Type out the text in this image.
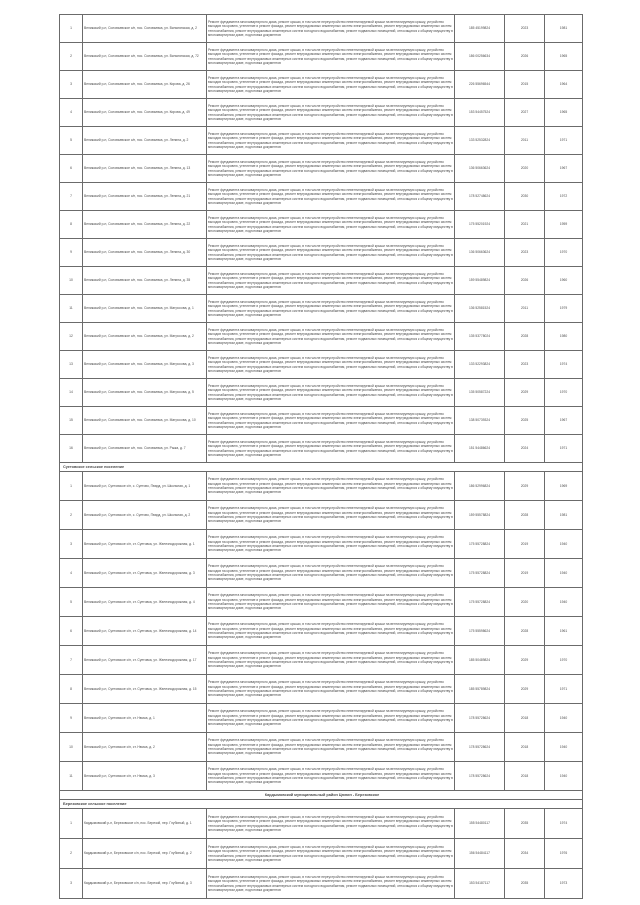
1	Велижский р-н, Соловьевское с/п, пос. Соловьевка, ул. Вильнянская, д. 2	Ремонт фундамента многоквартирного дома, ремонт крыши, в том числе переустройство невентилируемой крыши на вентилируемую крышу, устройство выходов на кровлю, утепление и ремонт фасада, ремонт внутридомовых инженерных систем электроснабжения, ремонт внутридомовых инженерных систем теплоснабжения, ремонт внутридомовых инженерных систем холодного водоснабжения, ремонт подвальных помещений, относящихся к общему имуществу в многоквартирном доме, подготовка документов	185 45199824	2023	1981
2	Велижский р-н, Соловьевское с/п, пос. Соловьевка, ул. Вильнянская, д. 72	Ремонт фундамента многоквартирного дома, ремонт крыши, в том числе переустройство невентилируемой крыши на вентилируемую крышу, устройство выходов на кровлю, утепление и ремонт фасада, ремонт внутридомовых инженерных систем электроснабжения, ремонт внутридомовых инженерных систем теплоснабжения, ремонт внутридомовых инженерных систем холодного водоснабжения, ремонт подвальных помещений, относящихся к общему имуществу в многоквартирном доме, подготовка документов	186 00256634	2026	1965
3	Велижский р-н, Соловьевское с/п, пос. Соловьевка, ул. Кирова, д. 26	Ремонт фундамента многоквартирного дома, ремонт крыши, в том числе переустройство невентилируемой крыши на вентилируемую крышу, устройство выходов на кровлю, утепление и ремонт фасада, ремонт внутридомовых инженерных систем электроснабжения, ремонт внутридомовых инженерных систем теплоснабжения, ремонт внутридомовых инженерных систем холодного водоснабжения, ремонт подвальных помещений, относящихся к общему имуществу в многоквартирном доме, подготовка документов	226 55696544	2015	1964
4	Велижский р-н, Соловьевское с/п, пос. Соловьевка, ул. Кирова, д. 49	Ремонт фундамента многоквартирного дома, ремонт крыши, в том числе переустройство невентилируемой крыши на вентилируемую крышу, устройство выходов на кровлю, утепление и ремонт фасада, ремонт внутридомовых инженерных систем электроснабжения, ремонт внутридомовых инженерных систем теплоснабжения, ремонт внутридомовых инженерных систем холодного водоснабжения, ремонт подвальных помещений, относящихся к общему имуществу в многоквартирном доме, подготовка документов	153 54457524	2027	1965
5	Велижский р-н, Соловьевское с/п, пос. Соловьевка, ул. Ленина, д. 2	Ремонт фундамента многоквартирного дома, ремонт крыши, в том числе переустройство невентилируемой крыши на вентилируемую крышу, устройство выходов на кровлю, утепление и ремонт фасада, ремонт внутридомовых инженерных систем электроснабжения, ремонт внутридомовых инженерных систем теплоснабжения, ремонт внутридомовых инженерных систем холодного водоснабжения, ремонт подвальных помещений, относящихся к общему имуществу в многоквартирном доме, подготовка документов	133 52532824	2011	1971
6	Велижский р-н, Соловьевское с/п, пос. Соловьевка, ул. Ленина, д. 13	Ремонт фундамента многоквартирного дома, ремонт крыши, в том числе переустройство невентилируемой крыши на вентилируемую крышу, устройство выходов на кровлю, утепление и ремонт фасада, ремонт внутридомовых инженерных систем электроснабжения, ремонт внутридомовых инженерных систем теплоснабжения, ремонт внутридомовых инженерных систем холодного водоснабжения, ремонт подвальных помещений, относящихся к общему имуществу в многоквартирном доме, подготовка документов	136 50663624	2020	1967
7	Велижский р-н, Соловьевское с/п, пос. Соловьевка, ул. Ленина, д. 21	Ремонт фундамента многоквартирного дома, ремонт крыши, в том числе переустройство невентилируемой крыши на вентилируемую крышу, устройство выходов на кровлю, утепление и ремонт фасада, ремонт внутридомовых инженерных систем электроснабжения, ремонт внутридомовых инженерных систем теплоснабжения, ремонт внутридомовых инженерных систем холодного водоснабжения, ремонт подвальных помещений, относящихся к общему имуществу в многоквартирном доме, подготовка документов	178 52748624	2030	1972
8	Велижский р-н, Соловьевское с/п, пос. Соловьевка, ул. Ленина, д. 22	Ремонт фундамента многоквартирного дома, ремонт крыши, в том числе переустройство невентилируемой крыши на вентилируемую крышу, устройство выходов на кровлю, утепление и ремонт фасада, ремонт внутридомовых инженерных систем электроснабжения, ремонт внутридомовых инженерных систем теплоснабжения, ремонт внутридомовых инженерных систем холодного водоснабжения, ремонт подвальных помещений, относящихся к общему имуществу в многоквартирном доме, подготовка документов	175 55201924	2021	1959
9	Велижский р-н, Соловьевское с/п, пос. Соловьевка, ул. Ленина, д. 30	Ремонт фундамента многоквартирного дома, ремонт крыши, в том числе переустройство невентилируемой крыши на вентилируемую крышу, устройство выходов на кровлю, утепление и ремонт фасада, ремонт внутридомовых инженерных систем электроснабжения, ремонт внутридомовых инженерных систем теплоснабжения, ремонт внутридомовых инженерных систем холодного водоснабжения, ремонт подвальных помещений, относящихся к общему имуществу в многоквартирном доме, подготовка документов	136 50663624	2023	1970
10	Велижский р-н, Соловьевское с/п, пос. Соловьевка, ул. Ленина, д. 35	Ремонт фундамента многоквартирного дома, ремонт крыши, в том числе переустройство невентилируемой крыши на вентилируемую крышу, устройство выходов на кровлю, утепление и ремонт фасада, ремонт внутридомовых инженерных систем электроснабжения, ремонт внутридомовых инженерных систем теплоснабжения, ремонт внутридомовых инженерных систем холодного водоснабжения, ремонт подвальных помещений, относящихся к общему имуществу в многоквартирном доме, подготовка документов	159 55489824	2026	1960
11	Велижский р-н, Соловьевское с/п, пос. Соловьевка, ул. Матросова, д. 1	Ремонт фундамента многоквартирного дома, ремонт крыши, в том числе переустройство невентилируемой крыши на вентилируемую крышу, устройство выходов на кровлю, утепление и ремонт фасада, ремонт внутридомовых инженерных систем электроснабжения, ремонт внутридомовых инженерных систем теплоснабжения, ремонт внутридомовых инженерных систем холодного водоснабжения, ремонт подвальных помещений, относящихся к общему имуществу в многоквартирном доме, подготовка документов	136 52581524	2011	1979
12	Велижский р-н, Соловьевское с/п, пос. Соловьевка, ул. Матросова, д. 2	Ремонт фундамента многоквартирного дома, ремонт крыши, в том числе переустройство невентилируемой крыши на вентилируемую крышу, устройство выходов на кровлю, утепление и ремонт фасада, ремонт внутридомовых инженерных систем электроснабжения, ремонт внутридомовых инженерных систем теплоснабжения, ремонт внутридомовых инженерных систем холодного водоснабжения, ремонт подвальных помещений, относящихся к общему имуществу в многоквартирном доме, подготовка документов	135 53778024	2028	1980
13	Велижский р-н, Соловьевское с/п, пос. Соловьевка, ул. Матросова, д. 3	Ремонт фундамента многоквартирного дома, ремонт крыши, в том числе переустройство невентилируемой крыши на вентилируемую крышу, устройство выходов на кровлю, утепление и ремонт фасада, ремонт внутридомовых инженерных систем электроснабжения, ремонт внутридомовых инженерных систем теплоснабжения, ремонт внутридомовых инженерных систем холодного водоснабжения, ремонт подвальных помещений, относящихся к общему имуществу в многоквартирном доме, подготовка документов	133 52293824	2023	1974
14	Велижский р-н, Соловьевское с/п, пос. Соловьевка, ул. Матросова, д. 5	Ремонт фундамента многоквартирного дома, ремонт крыши, в том числе переустройство невентилируемой крыши на вентилируемую крышу, устройство выходов на кровлю, утепление и ремонт фасада, ремонт внутридомовых инженерных систем электроснабжения, ремонт внутридомовых инженерных систем теплоснабжения, ремонт внутридомовых инженерных систем холодного водоснабжения, ремонт подвальных помещений, относящихся к общему имуществу в многоквартирном доме, подготовка документов	135 50587224	2029	1970
15	Велижский р-н, Соловьевское с/п, пос. Соловьевка, ул. Матросова, д. 10	Ремонт фундамента многоквартирного дома, ремонт крыши, в том числе переустройство невентилируемой крыши на вентилируемую крышу, устройство выходов на кровлю, утепление и ремонт фасада, ремонт внутридомовых инженерных систем электроснабжения, ремонт внутридомовых инженерных систем теплоснабжения, ремонт внутридомовых инженерных систем холодного водоснабжения, ремонт подвальных помещений, относящихся к общему имуществу в многоквартирном доме, подготовка документов	138 50739324	2025	1967
16	Велижский р-н, Соловьевское с/п, пос. Соловьевка, ул. Рыжа, д. 7	Ремонт фундамента многоквартирного дома, ремонт крыши, в том числе переустройство невентилируемой крыши на вентилируемую крышу, устройство выходов на кровлю, утепление и ремонт фасада, ремонт внутридомовых инженерных систем электроснабжения, ремонт внутридомовых инженерных систем теплоснабжения, ремонт внутридомовых инженерных систем холодного водоснабжения, ремонт подвальных помещений, относящихся к общему имуществу в многоквартирном доме, подготовка документов	151 54486624	2024	1971
Суетовское сельское поселение					
1	Велижский р-н, Суетовское с/п, с. Суетово, Пвард, ул. Школьная, д. 1	Ремонт фундамента многоквартирного дома, ремонт крыши, в том числе переустройство невентилируемой крыши на вентилируемую крышу, устройство выходов на кровлю, утепление и ремонт фасада, ремонт внутридомовых инженерных систем электроснабжения, ремонт внутридомовых инженерных систем теплоснабжения, ремонт внутридомовых инженерных систем холодного водоснабжения, ремонт подвальных помещений, относящихся к общему имуществу в многоквартирном доме, подготовка документов	186 52996824	2029	1969
2	Велижский р-н, Суетовское с/п, с. Суетово, Пвард, ул. Школьная, д. 2	Ремонт фундамента многоквартирного дома, ремонт крыши, в том числе переустройство невентилируемой крыши на вентилируемую крышу, устройство выходов на кровлю, утепление и ремонт фасада, ремонт внутридомовых инженерных систем электроснабжения, ремонт внутридомовых инженерных систем теплоснабжения, ремонт внутридомовых инженерных систем холодного водоснабжения, ремонт подвальных помещений, относящихся к общему имуществу в многоквартирном доме, подготовка документов	159 55578824	2028	1981
3	Велижский р-н, Суетовское с/п, ст. Суетовка, ул. Железнодорожная, д. 1	Ремонт фундамента многоквартирного дома, ремонт крыши, в том числе переустройство невентилируемой крыши на вентилируемую крышу, устройство выходов на кровлю, утепление и ремонт фасада, ремонт внутридомовых инженерных систем электроснабжения, ремонт внутридомовых инженерных систем теплоснабжения, ремонт внутридомовых инженерных систем холодного водоснабжения, ремонт подвальных помещений, относящихся к общему имуществу в многоквартирном доме, подготовка документов	175 55728824	2019	1940
4	Велижский р-н, Суетовское с/п, ст. Суетовка, ул. Железнодорожная, д. 3	Ремонт фундамента многоквартирного дома, ремонт крыши, в том числе переустройство невентилируемой крыши на вентилируемую крышу, устройство выходов на кровлю, утепление и ремонт фасада, ремонт внутридомовых инженерных систем электроснабжения, ремонт внутридомовых инженерных систем теплоснабжения, ремонт внутридомовых инженерных систем холодного водоснабжения, ремонт подвальных помещений, относящихся к общему имуществу в многоквартирном доме, подготовка документов	175 55728824	2019	1940
5	Велижский р-н, Суетовское с/п, ст. Суетовка, ул. Железнодорожная, д. 4	Ремонт фундамента многоквартирного дома, ремонт крыши, в том числе переустройство невентилируемой крыши на вентилируемую крышу, устройство выходов на кровлю, утепление и ремонт фасада, ремонт внутридомовых инженерных систем электроснабжения, ремонт внутридомовых инженерных систем теплоснабжения, ремонт внутридомовых инженерных систем холодного водоснабжения, ремонт подвальных помещений, относящихся к общему имуществу в многоквартирном доме, подготовка документов	175 55728824	2020	1940
6	Велижский р-н, Суетовское с/п, ст. Суетовка, ул. Железнодорожная, д. 14	Ремонт фундамента многоквартирного дома, ремонт крыши, в том числе переустройство невентилируемой крыши на вентилируемую крышу, устройство выходов на кровлю, утепление и ремонт фасада, ремонт внутридомовых инженерных систем электроснабжения, ремонт внутридомовых инженерных систем теплоснабжения, ремонт внутридомовых инженерных систем холодного водоснабжения, ремонт подвальных помещений, относящихся к общему имуществу в многоквартирном доме, подготовка документов	175 55598624	2028	1961
7	Велижский р-н, Суетовское с/п, ст. Суетовка, ул. Железнодорожная, д. 17	Ремонт фундамента многоквартирного дома, ремонт крыши, в том числе переустройство невентилируемой крыши на вентилируемую крышу, устройство выходов на кровлю, утепление и ремонт фасада, ремонт внутридомовых инженерных систем электроснабжения, ремонт внутридомовых инженерных систем теплоснабжения, ремонт внутридомовых инженерных систем холодного водоснабжения, ремонт подвальных помещений, относящихся к общему имуществу в многоквартирном доме, подготовка документов	185 50489824	2029	1970
8	Велижский р-н, Суетовское с/п, ст. Суетовка, ул. Железнодорожная, д. 15	Ремонт фундамента многоквартирного дома, ремонт крыши, в том числе переустройство невентилируемой крыши на вентилируемую крышу, устройство выходов на кровлю, утепление и ремонт фасада, ремонт внутридомовых инженерных систем электроснабжения, ремонт внутридомовых инженерных систем теплоснабжения, ремонт внутридомовых инженерных систем холодного водоснабжения, ремонт подвальных помещений, относящихся к общему имуществу в многоквартирном доме, подготовка документов	185 55789824	2029	1971
9	Велижский р-н, Суетовское с/п, ст. Нюика, д. 1	Ремонт фундамента многоквартирного дома, ремонт крыши, в том числе переустройство невентилируемой крыши на вентилируемую крышу, устройство выходов на кровлю, утепление и ремонт фасада, ремонт внутридомовых инженерных систем электроснабжения, ремонт внутридомовых инженерных систем теплоснабжения, ремонт внутридомовых инженерных систем холодного водоснабжения, ремонт подвальных помещений, относящихся к общему имуществу в многоквартирном доме, подготовка документов	178 55728624	2018	1940
10	Велижский р-н, Суетовское с/п, ст. Нюика, д. 2	Ремонт фундамента многоквартирного дома, ремонт крыши, в том числе переустройство невентилируемой крыши на вентилируемую крышу, устройство выходов на кровлю, утепление и ремонт фасада, ремонт внутридомовых инженерных систем электроснабжения, ремонт внутридомовых инженерных систем теплоснабжения, ремонт внутридомовых инженерных систем холодного водоснабжения, ремонт подвальных помещений, относящихся к общему имуществу в многоквартирном доме, подготовка документов	178 55728624	2018	1940
11	Велижский р-н, Суетовское с/п, ст. Нюика, д. 3	Ремонт фундамента многоквартирного дома, ремонт крыши, в том числе переустройство невентилируемой крыши на вентилируемую крышу, устройство выходов на кровлю, утепление и ремонт фасада, ремонт внутридомовых инженерных систем электроснабжения, ремонт внутридомовых инженерных систем теплоснабжения, ремонт внутридомовых инженерных систем холодного водоснабжения, ремонт подвальных помещений, относящихся к общему имуществу в многоквартирном доме, подготовка документов	178 55728624	2018	1940
Кардымовский муниципальный район Цюнин - Березовское					
Березовское сельское поселение					
1	Кардымовский р-н, Березовское с/п, пос. Березой, пер. Глубиный, д. 1	Ремонт фундамента многоквартирного дома, ремонт крыши, в том числе переустройство невентилируемой крыши на вентилируемую крышу, устройство выходов на кровлю, утепление и ремонт фасада, ремонт внутридомовых инженерных систем электроснабжения, ремонт внутридомовых инженерных систем теплоснабжения, ремонт внутридомовых инженерных систем холодного водоснабжения, ремонт подвальных помещений, относящихся к общему имуществу в многоквартирном доме, подготовка документов	155 54480117	2035	1974
2	Кардымовский р-н, Березовское с/п, пос. Березой, пер. Глубиный, д. 2	Ремонт фундамента многоквартирного дома, ремонт крыши, в том числе переустройство невентилируемой крыши на вентилируемую крышу, устройство выходов на кровлю, утепление и ремонт фасада, ремонт внутридомовых инженерных систем электроснабжения, ремонт внутридомовых инженерных систем теплоснабжения, ремонт внутридомовых инженерных систем холодного водоснабжения, ремонт подвальных помещений, относящихся к общему имуществу в многоквартирном доме, подготовка документов	156 54484117	2034	1976
3	Кардымовский р-н, Березовское с/п, пос. Березой, пер. Глубиный, д. 3	Ремонт фундамента многоквартирного дома, ремонт крыши, в том числе переустройство невентилируемой крыши на вентилируемую крышу, устройство выходов на кровлю, утепление и ремонт фасада, ремонт внутридомовых инженерных систем электроснабжения, ремонт внутридомовых инженерных систем теплоснабжения, ремонт внутридомовых инженерных систем холодного водоснабжения, ремонт подвальных помещений, относящихся к общему имуществу в многоквартирном доме, подготовка документов	153 54187117	2035	1973
